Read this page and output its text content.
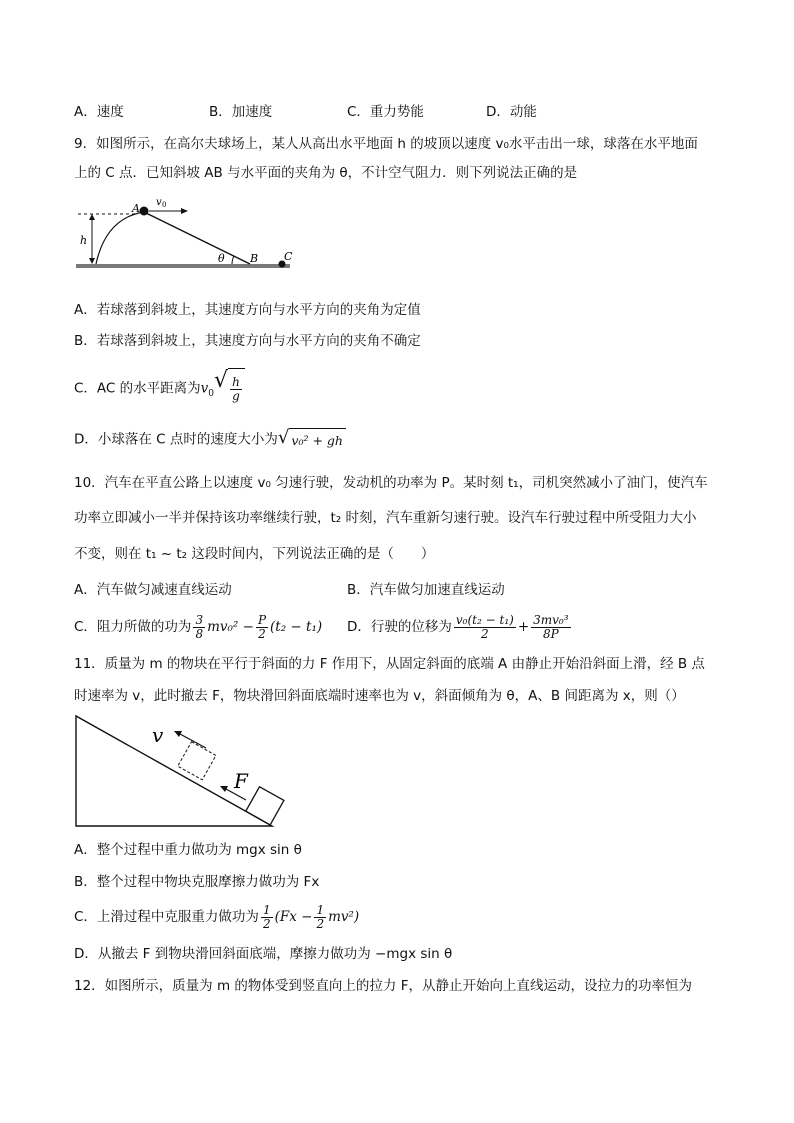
A．速度	B．加速度	C．重力势能	D．动能
9．如图所示，在高尔夫球场上，某人从高出水平地面 h 的坡顶以速度 v₀水平击出一球，球落在水平地面
上的 C 点．已知斜坡 AB 与水平面的夹角为 θ，不计空气阻力．则下列说法正确的是
A v 0
h
θ B C
A．若球落到斜坡上，其速度方向与水平方向的夹角为定值
B．若球落到斜坡上，其速度方向与水平方向的夹角不确定
C．AC 的水平距离为$v_0$
√ $\frac{h}{g}$
D．小球落在 C 点时的速度大小为 √ v₀² + gh
10．汽车在平直公路上以速度 v₀ 匀速行驶，发动机的功率为 P。某时刻 t₁，司机突然减小了油门，使汽车
功率立即减小一半并保持该功率继续行驶，t₂ 时刻，汽车重新匀速行驶。设汽车行驶过程中所受阻力大小
不变，则在 t₁ ~ t₂ 这段时间内，下列说法正确的是（　　）
A．汽车做匀减速直线运动	B．汽车做匀加速直线运动
C．阻力所做的功为 $\frac{3}{8} mv_0^2 - \frac{P}{2} (t_2 - t_1)$ D．行驶的位移为 $\frac{\text{v₀(t₂ − t₁)}}{2} + \frac{\text{3mv₀³}}{8P}$
11．质量为 m 的物块在平行于斜面的力 F 作用下，从固定斜面的底端 A 由静止开始沿斜面上滑，经 B 点
时速率为 v，此时撤去 F，物块滑回斜面底端时速率也为 v，斜面倾角为 θ，A、B 间距离为 x，则（）
v
F
A．整个过程中重力做功为 mgx sin θ
B．整个过程中物块克服摩擦力做功为 Fx
C．上滑过程中克服重力做功为 $\frac{1}{2} (Fx - \frac{1}{2} mv^2)$
D．从撤去 F 到物块滑回斜面底端，摩擦力做功为 −mgx sin θ
12．如图所示，质量为 m 的物体受到竖直向上的拉力 F，从静止开始向上直线运动，设拉力的功率恒为
